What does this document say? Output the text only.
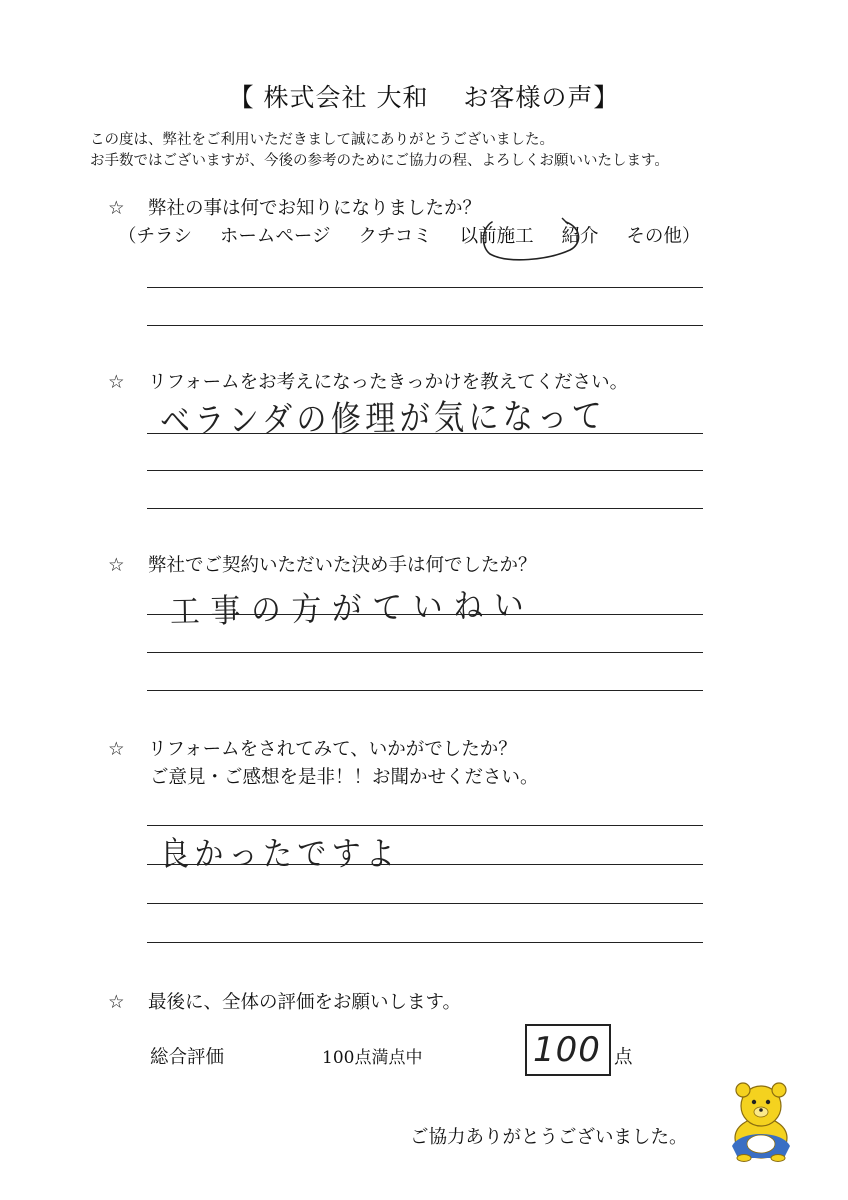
【 株式会社 大和　 お客様の声】
この度は、弊社をご利用いただきまして誠にありがとうございました。
お手数ではございますが、今後の参考のためにご協力の程、よろしくお願いいたします。
☆ 弊社の事は何でお知りになりましたか？
（チラシ ホームページ クチコミ 以前施工 紹介 その他）
☆ リフォームをお考えになったきっかけを教えてください。
ベランダの修理が気になって
☆ 弊社でご契約いただいた決め手は何でしたか？
工事の方がていねい
☆ リフォームをされてみて、いかがでしたか？
ご意見・ご感想を是非！！お聞かせください。
良かったですよ
☆ 最後に、全体の評価をお願いします。
総合評価	100点満点中	100 点
ご協力ありがとうございました。
